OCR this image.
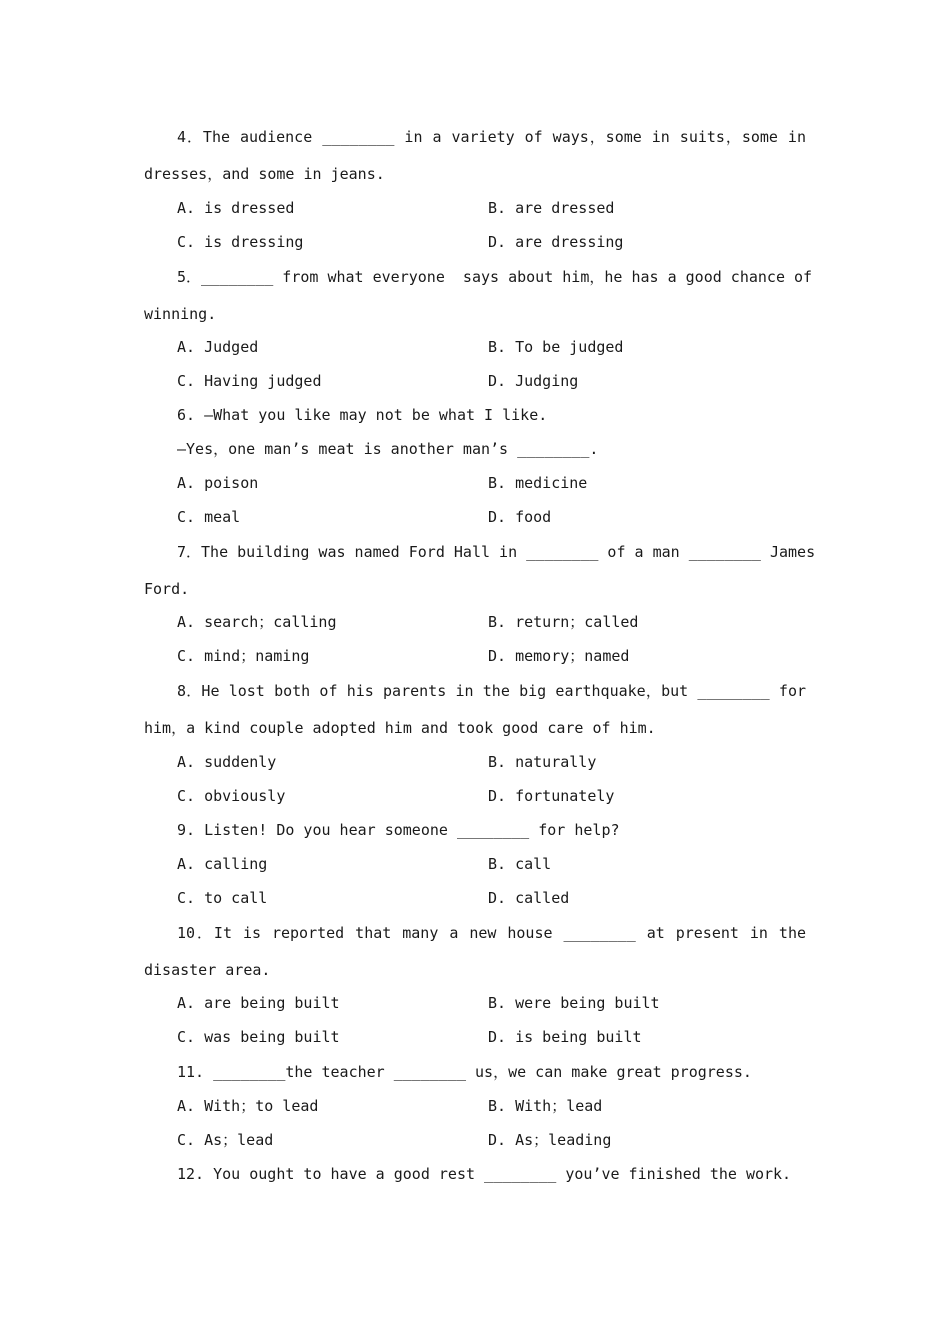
4．The audience ________ in a variety of ways，some in suits，some in
dresses，and some in jeans.
A. is dressed	B. are dressed
C. is dressing	D. are dressing
5．________ from what everyone  says about him，he has a good chance of
winning.
A. Judged	B. To be judged
C. Having judged	D. Judging
6. —What you like may not be what I like.
—Yes，one man’s meat is another man’s ________.
A. poison	B. medicine
C. meal	D. food
7．The building was named Ford Hall in ________ of a man ________ James
Ford.
A. search；calling	B. return；called
C. mind；naming	D. memory；named
8．He lost both of his parents in the big earthquake，but ________ for
him，a kind couple adopted him and took good care of him.
A. suddenly	B. naturally
C. obviously	D. fortunately
9. Listen! Do you hear someone ________ for help?
A. calling	B. call
C. to call	D. called
10．It is reported that many a new house ________ at present in the
disaster area.
A. are being built	B. were being built
C. was being built	D. is being built
11. ________the teacher ________ us，we can make great progress.
A. With；to lead	B. With；lead
C. As；lead	D. As；leading
12. You ought to have a good rest ________ you’ve finished the work.
